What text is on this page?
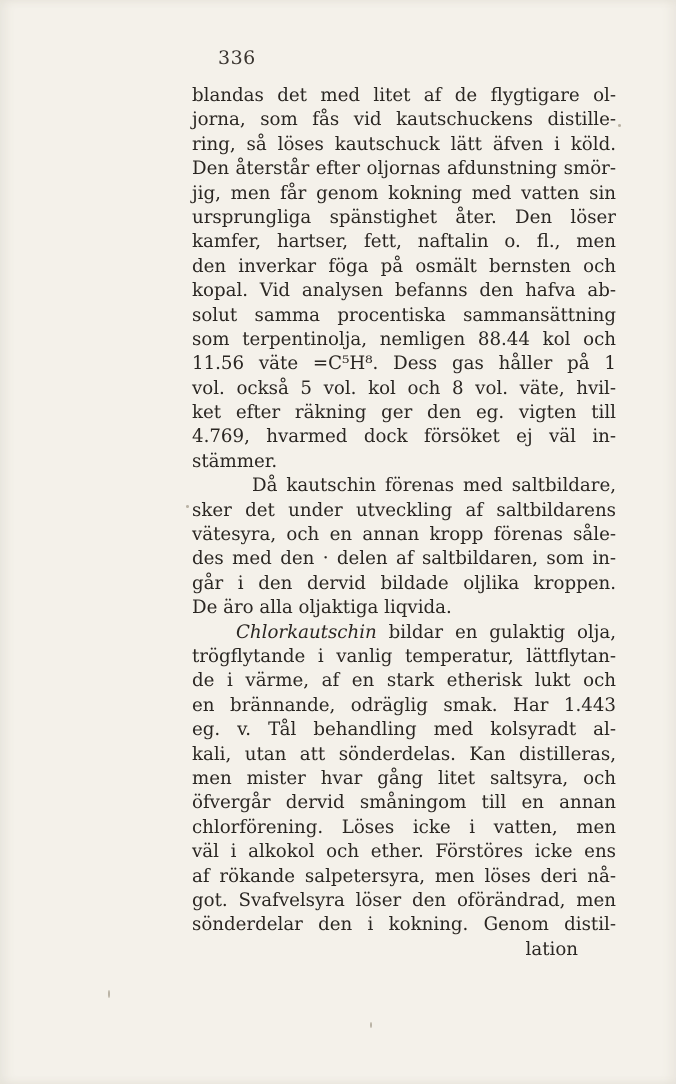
336
blandas det med litet af de flygtigare ol-
jorna, som fås vid kautschuckens distille-
ring, så löses kautschuck lätt äfven i köld.
Den återstår efter oljornas afdunstning smör-
jig, men får genom kokning med vatten sin
ursprungliga spänstighet åter. Den löser
kamfer, hartser, fett, naftalin o. fl., men
den inverkar föga på osmält bernsten och
kopal. Vid analysen befanns den hafva ab-
solut samma procentiska sammansättning
som terpentinolja, nemligen 88.44 kol och
11.56 väte =C⁵H⁸. Dess gas håller på 1
vol. också 5 vol. kol och 8 vol. väte, hvil-
ket efter räkning ger den eg. vigten till
4.769, hvarmed dock försöket ej väl in-
stämmer.
Då kautschin förenas med saltbildare,
sker det under utveckling af saltbildarens
vätesyra, och en annan kropp förenas såle-
des med den · delen af saltbildaren, som in-
går i den dervid bildade oljlika kroppen.
De äro alla oljaktiga liqvida.
Chlorkautschin bildar en gulaktig olja,
trögflytande i vanlig temperatur, lättflytan-
de i värme, af en stark etherisk lukt och
en brännande, odräglig smak. Har 1.443
eg. v. Tål behandling med kolsyradt al-
kali, utan att sönderdelas. Kan distilleras,
men mister hvar gång litet saltsyra, och
öfvergår dervid småningom till en annan
chlorförening. Löses icke i vatten, men
väl i alkokol och ether. Förstöres icke ens
af rökande salpetersyra, men löses deri nå-
got. Svafvelsyra löser den oförändrad, men
sönderdelar den i kokning. Genom distil-
lation
